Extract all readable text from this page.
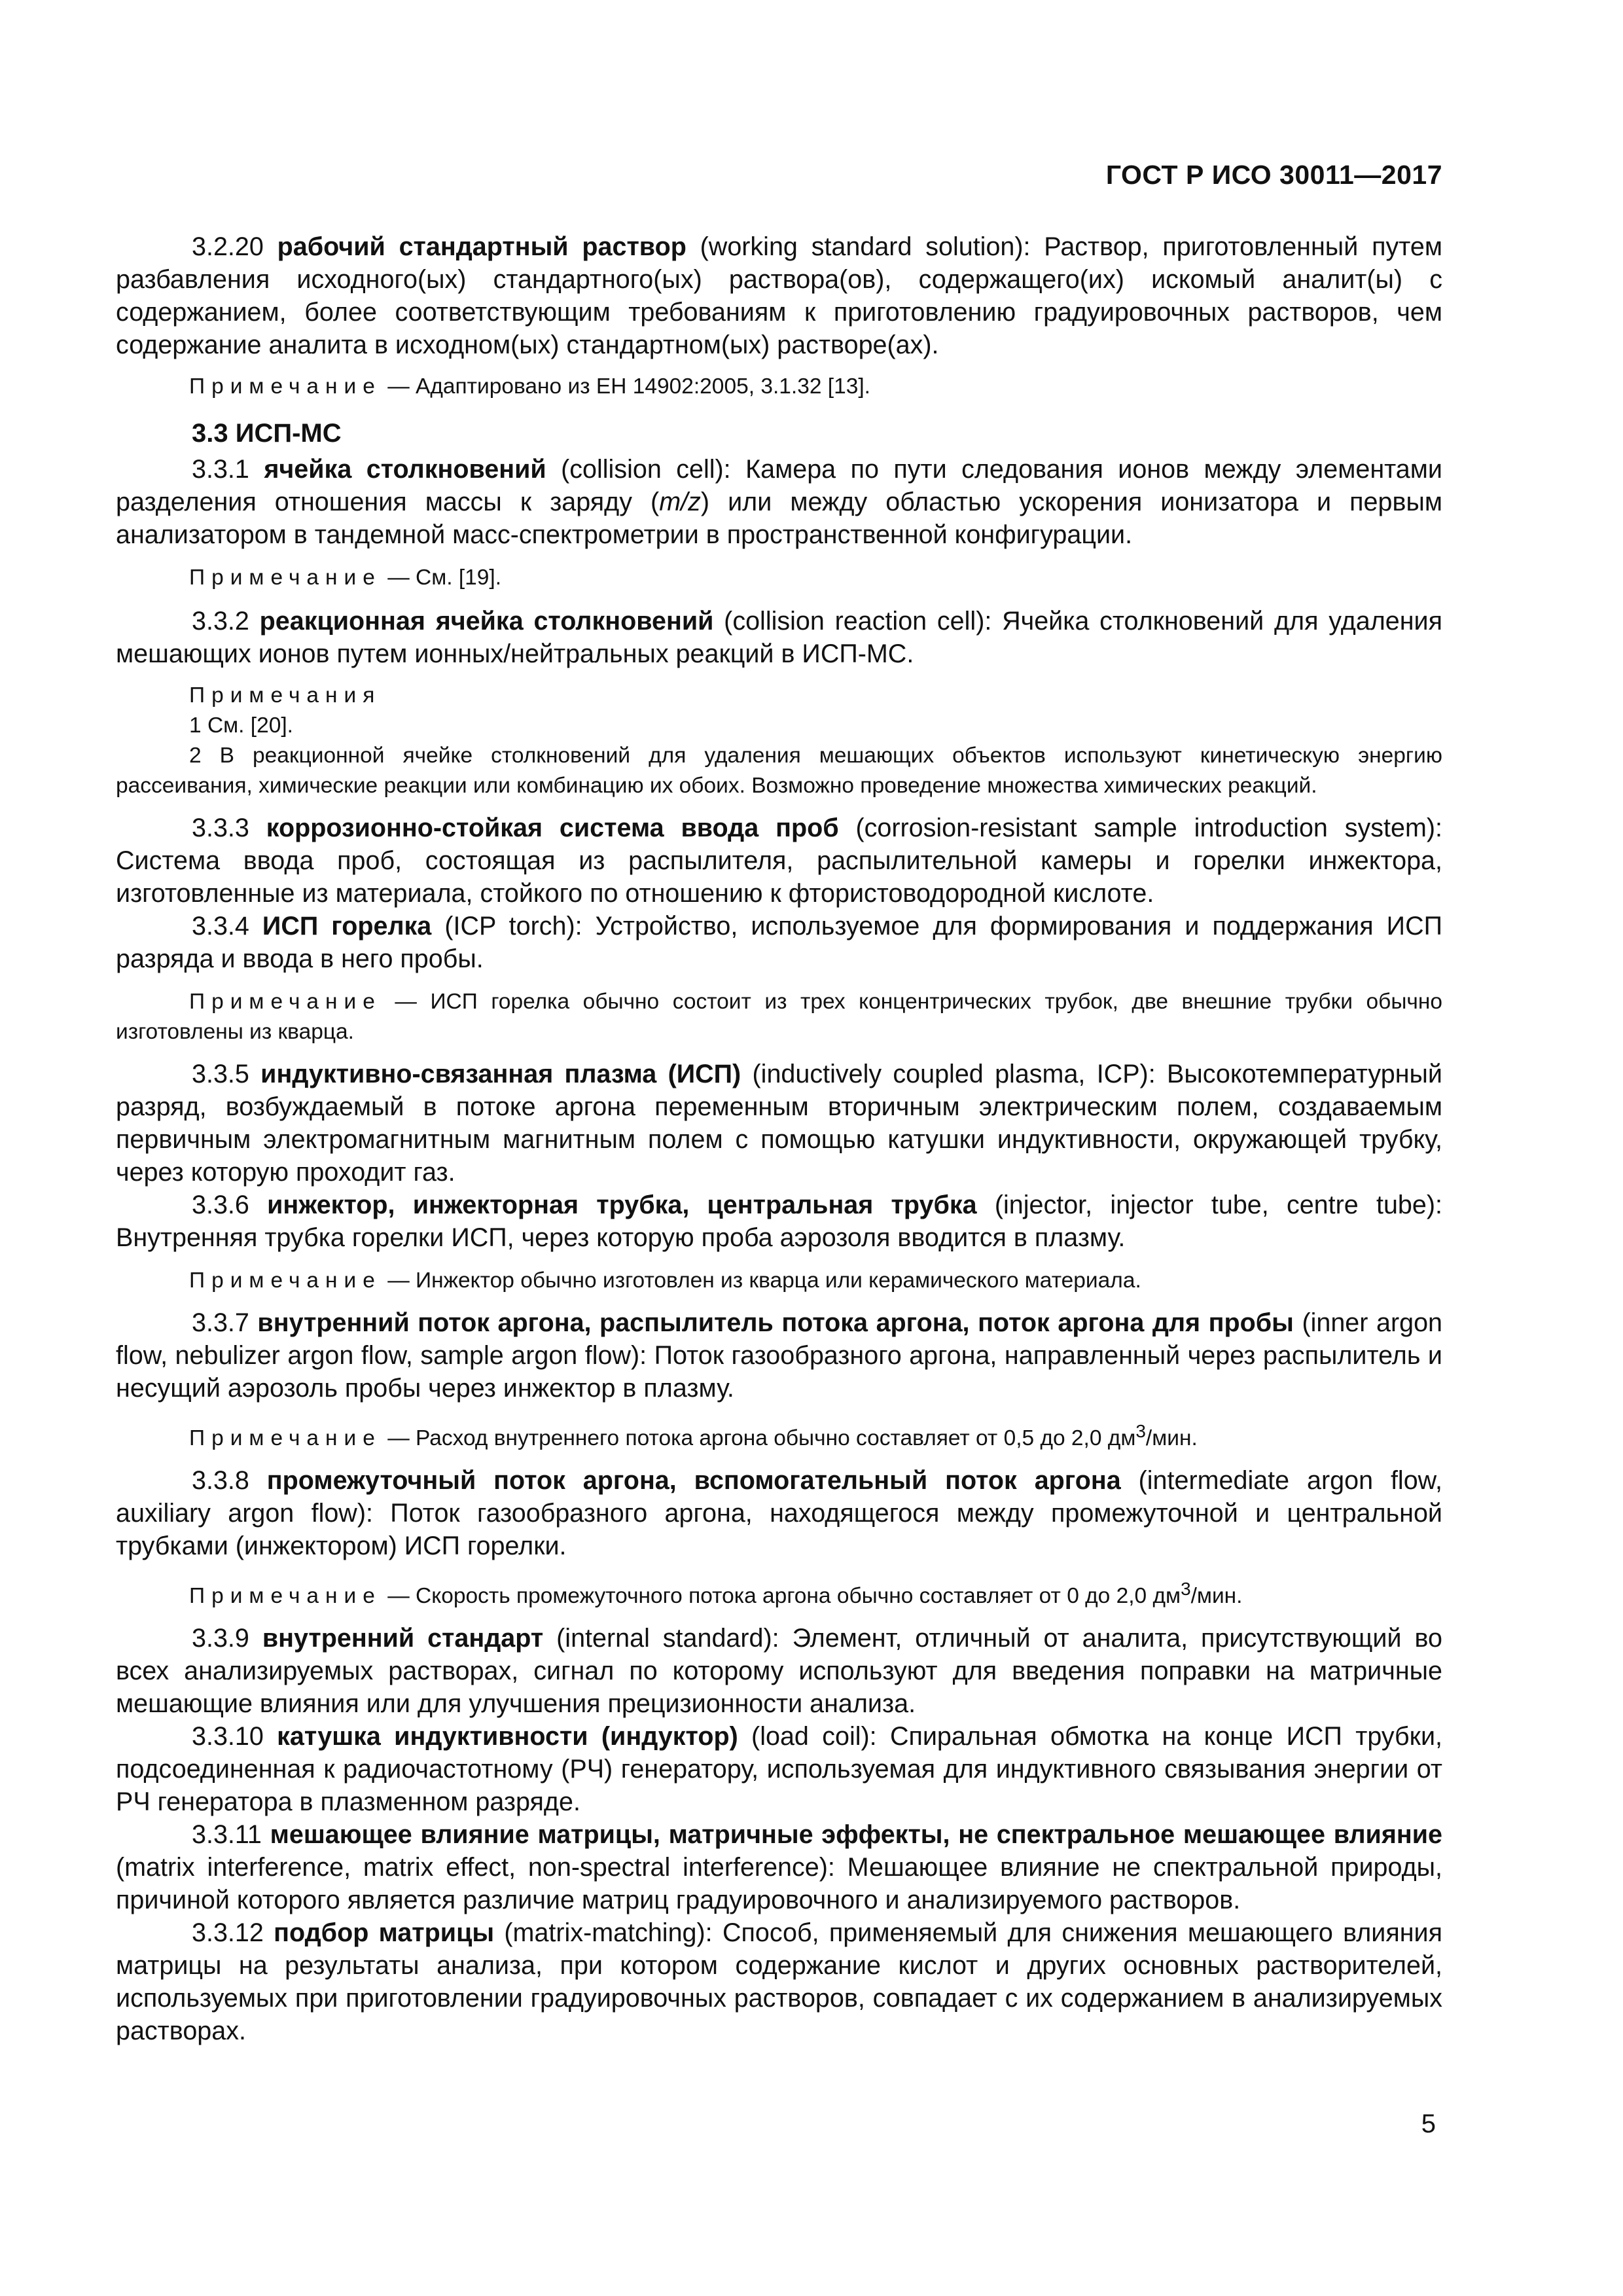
ГОСТ Р ИСО 30011—2017

3.2.20 рабочий стандартный раствор (working standard solution): Раствор, приготовленный путем разбавления исходного(ых) стандартного(ых) раствора(ов), содержащего(их) искомый аналит(ы) с содержанием, более соответствующим требованиям к приготовлению градуировочных растворов, чем содержание аналита в исходном(ых) стандартном(ых) растворе(ах).

Примечание — Адаптировано из ЕН 14902:2005, 3.1.32 [13].

3.3 ИСП-МС

3.3.1 ячейка столкновений (collision cell): Камера по пути следования ионов между элементами разделения отношения массы к заряду (m/z) или между областью ускорения ионизатора и первым анализатором в тандемной масс-спектрометрии в пространственной конфигурации.

Примечание — См. [19].

3.3.2 реакционная ячейка столкновений (collision reaction cell): Ячейка столкновений для удаления мешающих ионов путем ионных/нейтральных реакций в ИСП-МС.

Примечания

1 См. [20].

2 В реакционной ячейке столкновений для удаления мешающих объектов используют кинетическую энергию рассеивания, химические реакции или комбинацию их обоих. Возможно проведение множества химических реакций.

3.3.3 коррозионно-стойкая система ввода проб (corrosion-resistant sample introduction system): Система ввода проб, состоящая из распылителя, распылительной камеры и горелки инжектора, изготовленные из материала, стойкого по отношению к фтористоводородной кислоте.

3.3.4 ИСП горелка (ICP torch): Устройство, используемое для формирования и поддержания ИСП разряда и ввода в него пробы.

Примечание — ИСП горелка обычно состоит из трех концентрических трубок, две внешние трубки обычно изготовлены из кварца.

3.3.5 индуктивно-связанная плазма (ИСП) (inductively coupled plasma, ICP): Высокотемпературный разряд, возбуждаемый в потоке аргона переменным вторичным электрическим полем, создаваемым первичным электромагнитным магнитным полем с помощью катушки индуктивности, окружающей трубку, через которую проходит газ.

3.3.6 инжектор, инжекторная трубка, центральная трубка (injector, injector tube, centre tube): Внутренняя трубка горелки ИСП, через которую проба аэрозоля вводится в плазму.

Примечание — Инжектор обычно изготовлен из кварца или керамического материала.

3.3.7 внутренний поток аргона, распылитель потока аргона, поток аргона для пробы (inner argon flow, nebulizer argon flow, sample argon flow): Поток газообразного аргона, направленный через распылитель и несущий аэрозоль пробы через инжектор в плазму.

Примечание — Расход внутреннего потока аргона обычно составляет от 0,5 до 2,0 $дм^3$/мин.

3.3.8 промежуточный поток аргона, вспомогательный поток аргона (intermediate argon flow, auxiliary argon flow): Поток газообразного аргона, находящегося между промежуточной и центральной трубками (инжектором) ИСП горелки.

Примечание — Скорость промежуточного потока аргона обычно составляет от 0 до 2,0 $дм^3$/мин.

3.3.9 внутренний стандарт (internal standard): Элемент, отличный от аналита, присутствующий во всех анализируемых растворах, сигнал по которому используют для введения поправки на матричные мешающие влияния или для улучшения прецизионности анализа.

3.3.10 катушка индуктивности (индуктор) (load coil): Спиральная обмотка на конце ИСП трубки, подсоединенная к радиочастотному (РЧ) генератору, используемая для индуктивного связывания энергии от РЧ генератора в плазменном разряде.

3.3.11 мешающее влияние матрицы, матричные эффекты, не спектральное мешающее влияние (matrix interference, matrix effect, non-spectral interference): Мешающее влияние не спектральной природы, причиной которого является различие матриц градуировочного и анализируемого растворов.

3.3.12 подбор матрицы (matrix-matching): Способ, применяемый для снижения мешающего влияния матрицы на результаты анализа, при котором содержание кислот и других основных растворителей, используемых при приготовлении градуировочных растворов, совпадает с их содержанием в анализируемых растворах.

5
